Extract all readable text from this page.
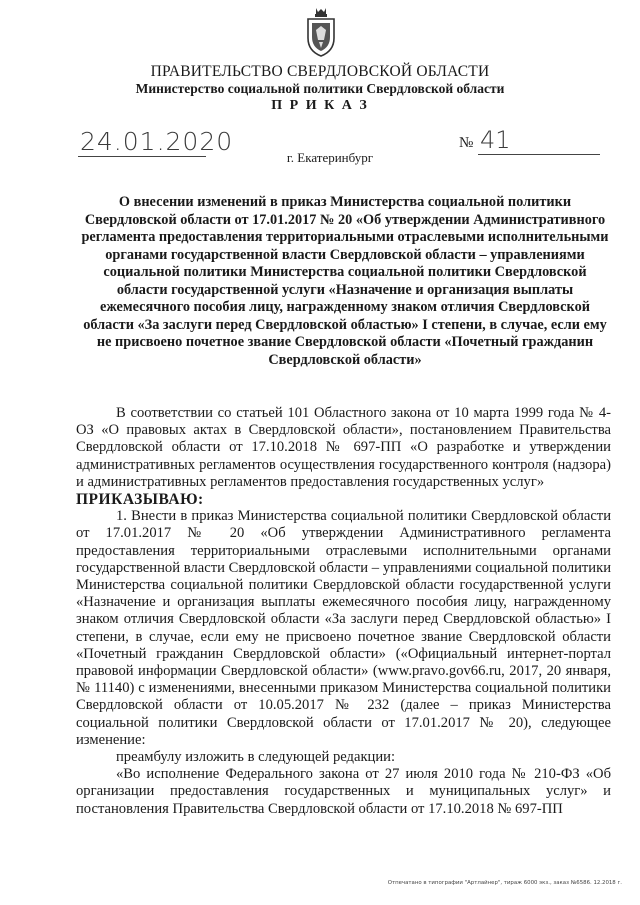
ПРАВИТЕЛЬСТВО СВЕРДЛОВСКОЙ ОБЛАСТИ
Министерство социальной политики Свердловской области
П Р И К А З
24.01.2020	№ 41
г. Екатеринбург
О внесении изменений в приказ Министерства социальной политики Свердловской области от 17.01.2017 № 20 «Об утверждении Административного регламента предоставления территориальными отраслевыми исполнительными органами государственной власти Свердловской области – управлениями социальной политики Министерства социальной политики Свердловской области государственной услуги «Назначение и организация выплаты ежемесячного пособия лицу, награжденному знаком отличия Свердловской области «За заслуги перед Свердловской областью» I степени, в случае, если ему не присвоено почетное звание Свердловской области «Почетный гражданин Свердловской области»

В соответствии со статьей 101 Областного закона от 10 марта 1999 года № 4-ОЗ «О правовых актах в Свердловской области», постановлением Правительства Свердловской области от 17.10.2018 № 697-ПП «О разработке и утверждении административных регламентов осуществления государственного контроля (надзора) и административных регламентов предоставления государственных услуг»

ПРИКАЗЫВАЮ:

1. Внести в приказ Министерства социальной политики Свердловской области от 17.01.2017 № 20 «Об утверждении Административного регламента предоставления территориальными отраслевыми исполнительными органами государственной власти Свердловской области – управлениями социальной политики Министерства социальной политики Свердловской области государственной услуги «Назначение и организация выплаты ежемесячного пособия лицу, награжденному знаком отличия Свердловской области «За заслуги перед Свердловской областью» I степени, в случае, если ему не присвоено почетное звание Свердловской области «Почетный гражданин Свердловской области» («Официальный интернет-портал правовой информации Свердловской области» (www.pravo.gov66.ru, 2017, 20 января, № 11140) с изменениями, внесенными приказом Министерства социальной политики Свердловской области от 10.05.2017 № 232 (далее – приказ Министерства социальной политики Свердловской области от 17.01.2017 № 20), следующее изменение:

преамбулу изложить в следующей редакции:

«Во исполнение Федерального закона от 27 июля 2010 года № 210-ФЗ «Об организации предоставления государственных и муниципальных услуг» и постановления Правительства Свердловской области от 17.10.2018 № 697-ПП

Отпечатано в типографии "Артлайнер", тираж 6000 экз., заказ №6586. 12.2018 г.
